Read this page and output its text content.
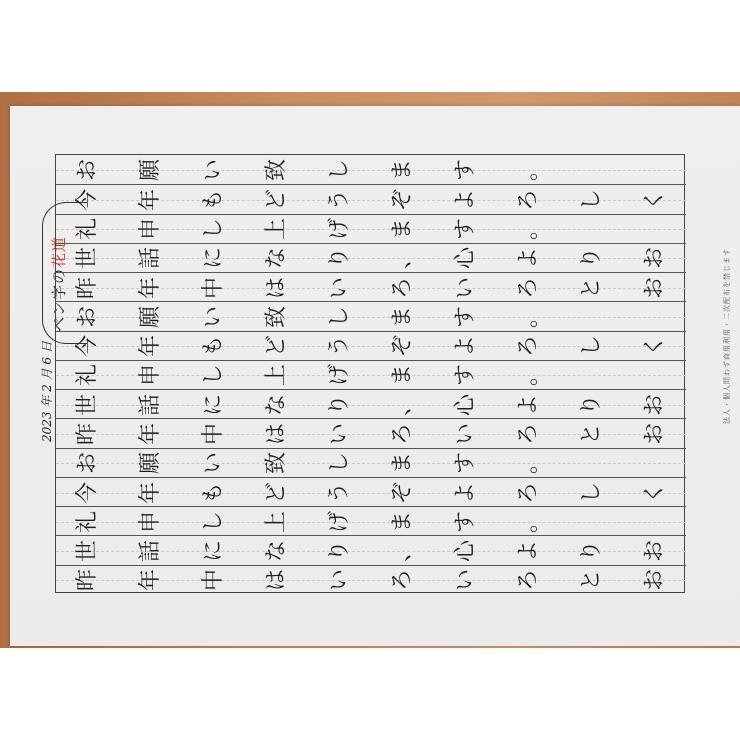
ペン字の花道
2023 年 2 月 6 日
昨 年 中 は い ろ い ろ と お
世 話 に な り 、 心 よ り お
礼 申 し 上 げ ま す 。
今 年 も ど う ぞ よ ろ し く
お 願 い 致 し ま す 。
昨 年 中 は い ろ い ろ と お
世 話 に な り 、 心 よ り お
礼 申 し 上 げ ま す 。
今 年 も ど う ぞ よ ろ し く
お 願 い 致 し ま す 。
昨 年 中 は い ろ い ろ と お
世 話 に な り 、 心 よ り お
礼 申 し 上 げ ま す 。
今 年 も ど う ぞ よ ろ し く
お 願 い 致 し ま す 。
法人・個人問わず商用利用・二次配布を禁じます
